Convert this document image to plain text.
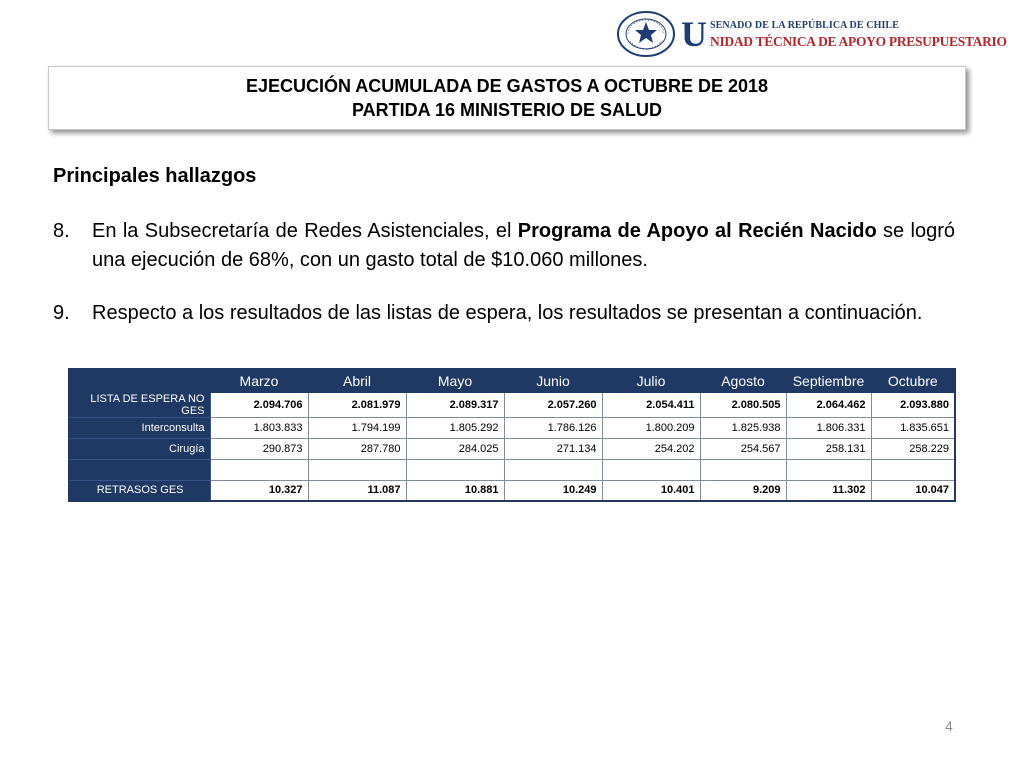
U SENADO DE LA REPÚBLICA DE CHILE
NIDAD TÉCNICA DE APOYO PRESUPUESTARIO
EJECUCIÓN ACUMULADA DE GASTOS A OCTUBRE DE 2018
PARTIDA 16 MINISTERIO DE SALUD
Principales hallazgos
8. En la Subsecretaría de Redes Asistenciales, el Programa de Apoyo al Recién Nacido se logró una ejecución de 68%, con un gasto total de $10.060 millones.
9. Respecto a los resultados de las listas de espera, los resultados se presentan a continuación.
	Marzo	Abril	Mayo	Junio	Julio	Agosto	Septiembre	Octubre
LISTA DE ESPERA NO GES	2.094.706	2.081.979	2.089.317	2.057.260	2.054.411	2.080.505	2.064.462	2.093.880
Interconsulta	1.803.833	1.794.199	1.805.292	1.786.126	1.800.209	1.825.938	1.806.331	1.835.651
Cirugía	290.873	287.780	284.025	271.134	254.202	254.567	258.131	258.229

RETRASOS GES	10.327	11.087	10.881	10.249	10.401	9.209	11.302	10.047
4
